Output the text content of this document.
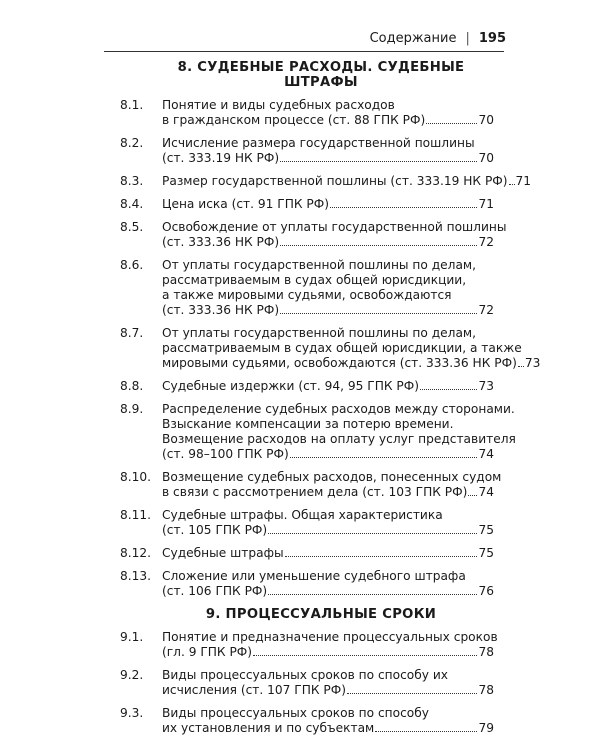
Содержание | 195
8. СУДЕБНЫЕ РАСХОДЫ. СУДЕБНЫЕ ШТРАФЫ
8.1.	Понятие и виды судебных расходов
в гражданском процессе (ст. 88 ГПК РФ)	70
8.2.	Исчисление размера государственной пошлины
(ст. 333.19 НК РФ)	70
8.3.	Размер государственной пошлины (ст. 333.19 НК РФ) 71
8.4.	Цена иска (ст. 91 ГПК РФ)	71
8.5.	Освобождение от уплаты государственной пошлины
(ст. 333.36 НК РФ)	72
8.6.	От уплаты государственной пошлины по делам,
рассматриваемым в судах общей юрисдикции,
а также мировыми судьями, освобождаются
(ст. 333.36 НК РФ)	72
8.7.	От уплаты государственной пошлины по делам,
рассматриваемым в судах общей юрисдикции, а также
мировыми судьями, освобождаются (ст. 333.36 НК РФ) 73
8.8.	Судебные издержки (ст. 94, 95 ГПК РФ)	73
8.9.	Распределение судебных расходов между сторонами.
Взыскание компенсации за потерю времени.
Возмещение расходов на оплату услуг представителя
(ст. 98–100 ГПК РФ)	74
8.10. Возмещение судебных расходов, понесенных судом
в связи с рассмотрением дела (ст. 103 ГПК РФ) 74
8.11. Судебные штрафы. Общая характеристика
(ст. 105 ГПК РФ)	75
8.12. Судебные штрафы	75
8.13. Сложение или уменьшение судебного штрафа
(ст. 106 ГПК РФ)	76
9. ПРОЦЕССУАЛЬНЫЕ СРОКИ
9.1.	Понятие и предназначение процессуальных сроков
(гл. 9 ГПК РФ)	78
9.2.	Виды процессуальных сроков по способу их
исчисления (ст. 107 ГПК РФ)	78
9.3.	Виды процессуальных сроков по способу
их установления и по субъектам	79
